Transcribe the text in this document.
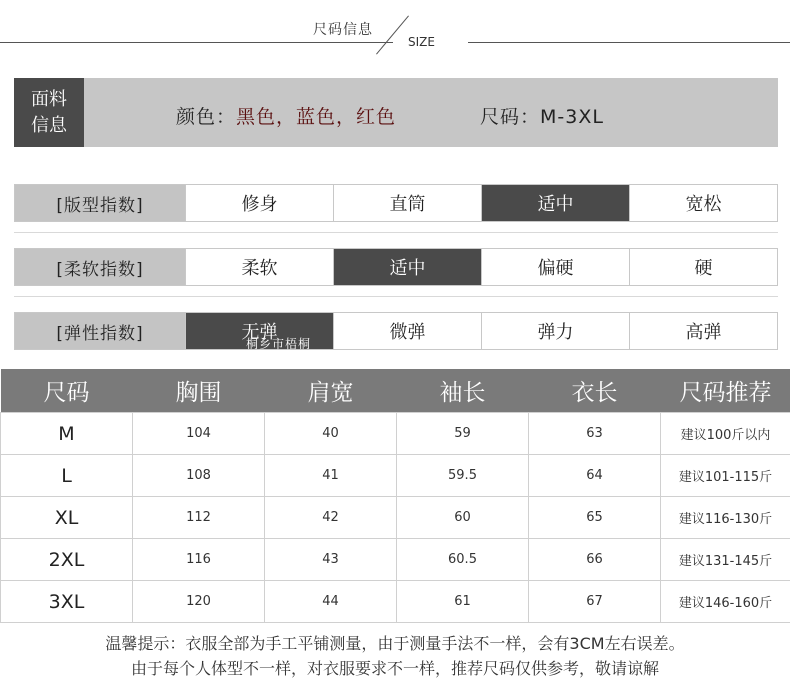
尺码信息
SIZE
面料信息	颜色：黑色，蓝色，红色	尺码：M-3XL
[版型指数]	修身	直筒	适中	宽松
[柔软指数]	柔软	适中	偏硬	硬
[弹性指数]	无弹	微弹	弹力	高弹
桐乡市梧桐
尺码	胸围	肩宽	袖长	衣长	尺码推荐
M	104	40	59	63	建议100斤以内
L	108	41	59.5	64	建议101-115斤
XL	112	42	60	65	建议116-130斤
2XL	116	43	60.5	66	建议131-145斤
3XL	120	44	61	67	建议146-160斤
温馨提示：衣服全部为手工平铺测量，由于测量手法不一样，会有3CM左右误差。
由于每个人体型不一样，对衣服要求不一样，推荐尺码仅供参考，敬请谅解
